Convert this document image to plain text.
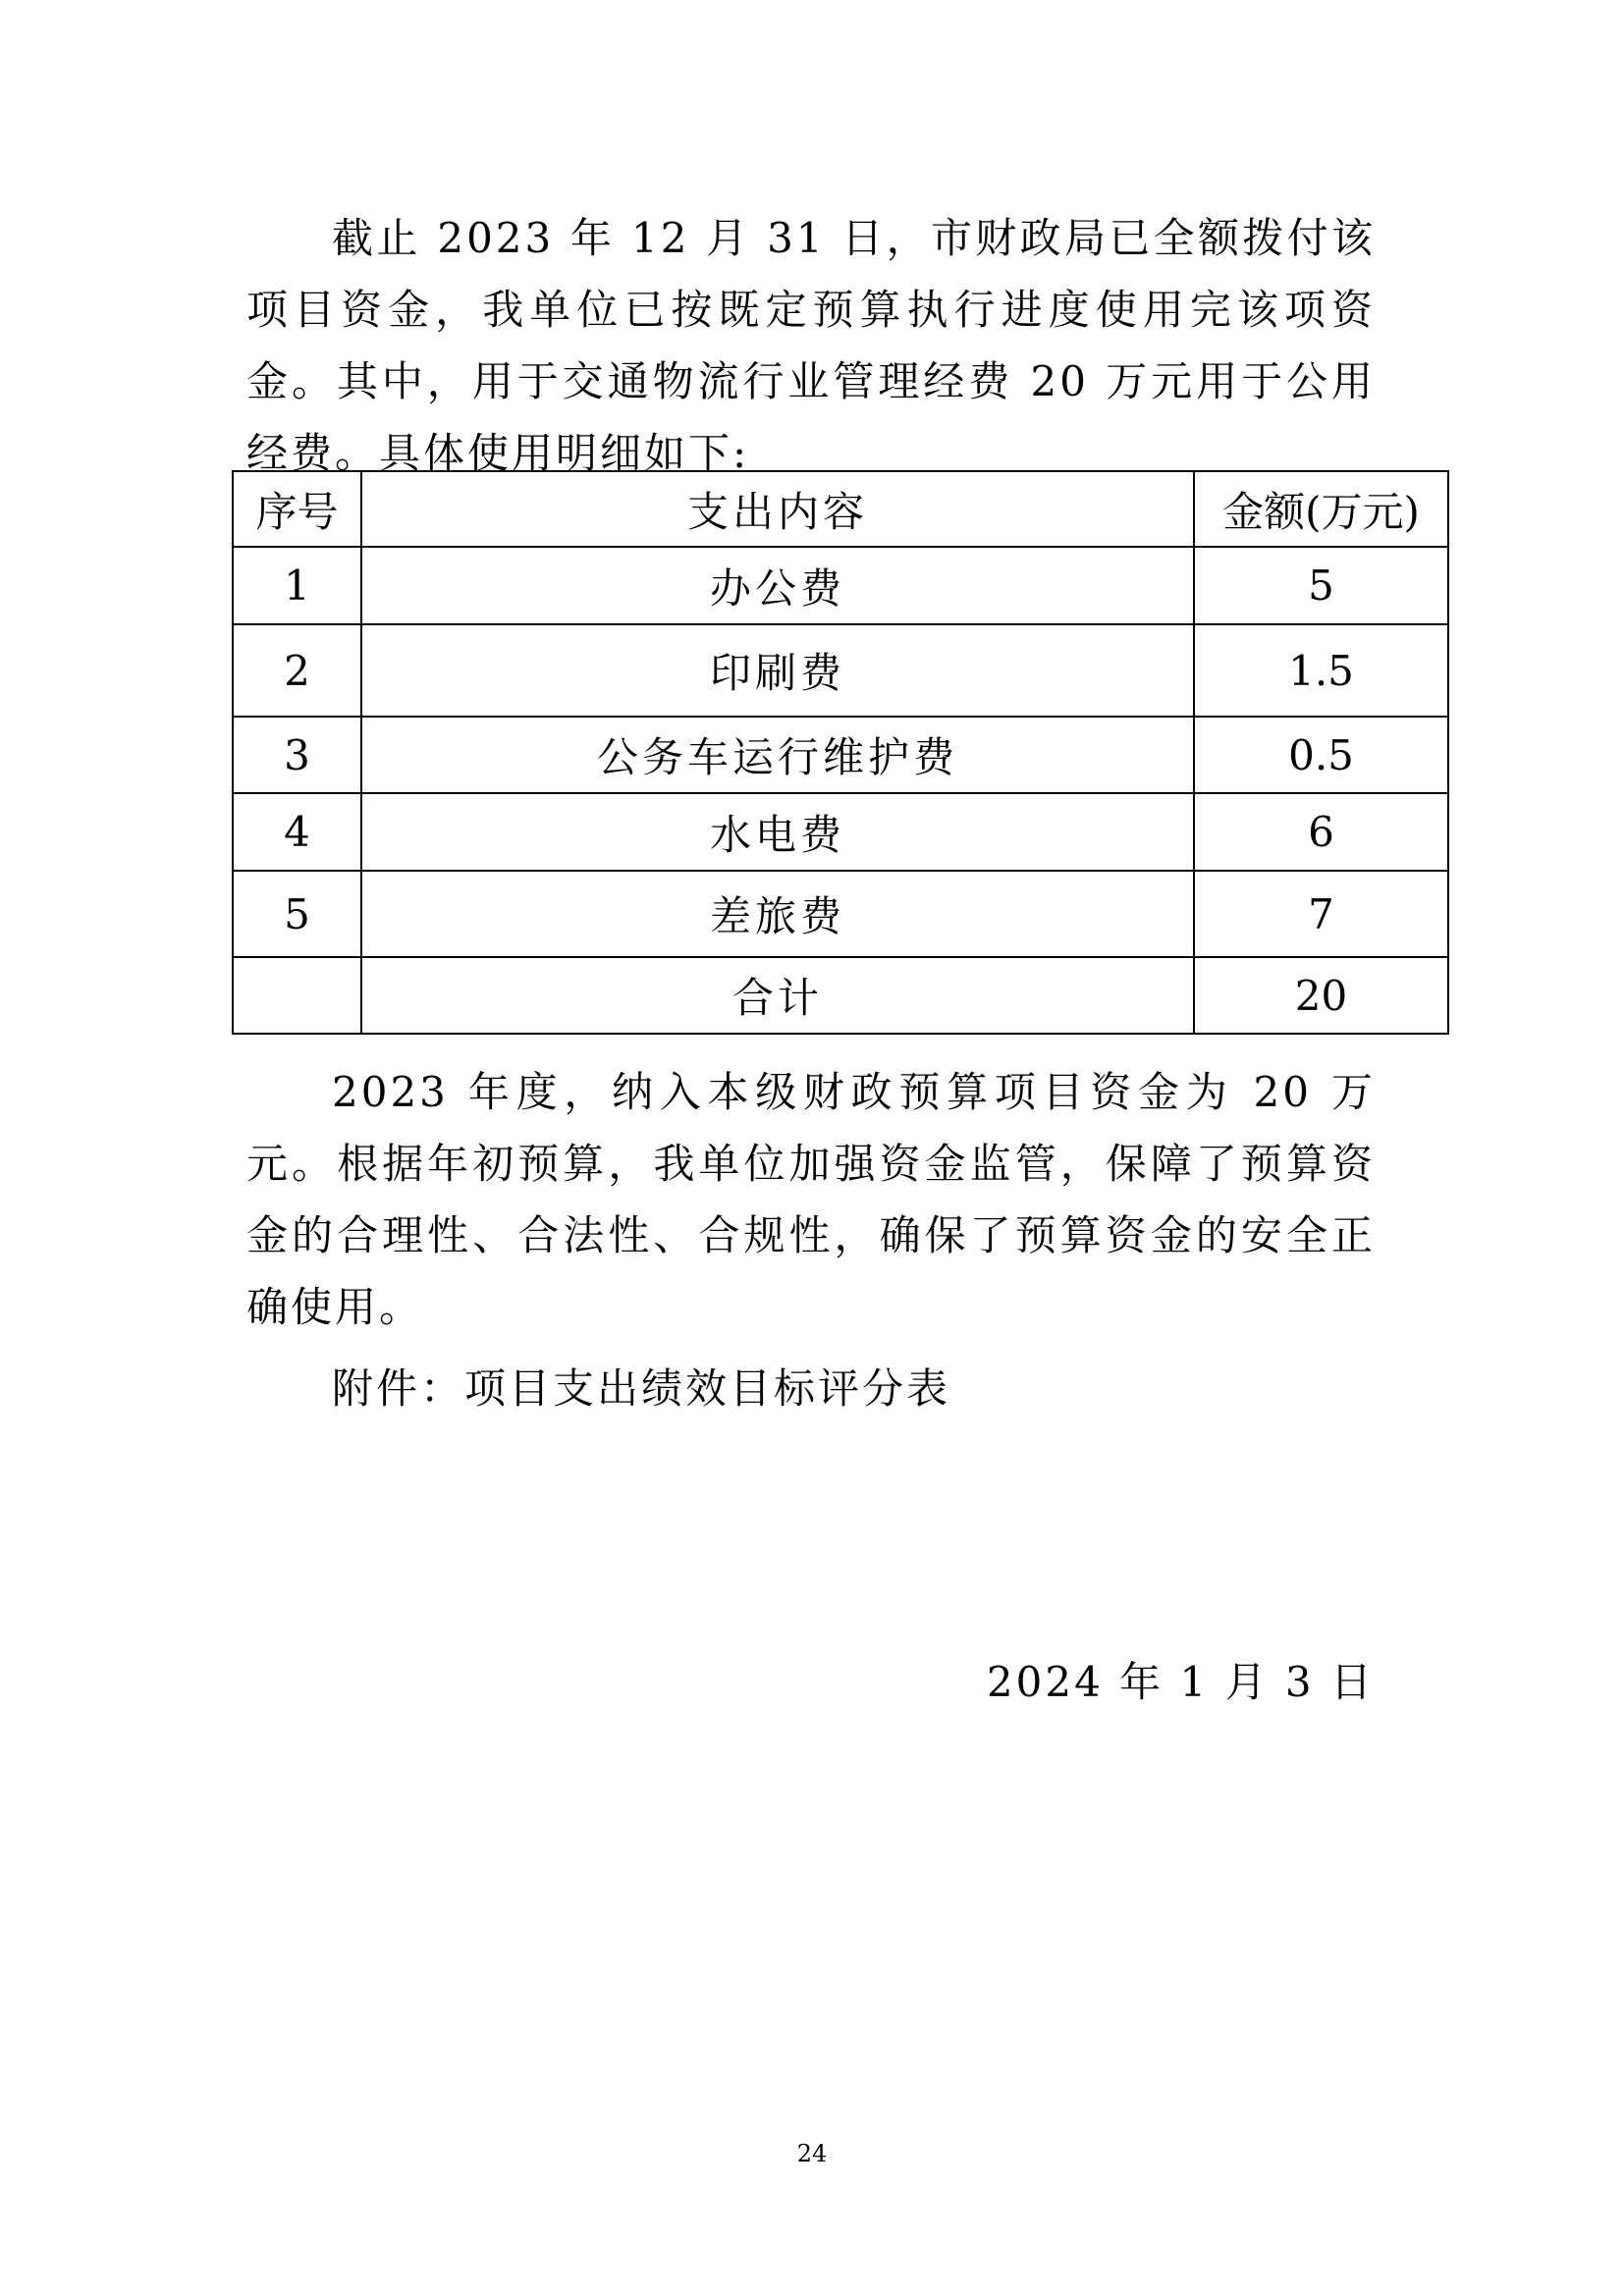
截止 2023 年 12 月 31 日，市财政局已全额拨付该项目资金，我单位已按既定预算执行进度使用完该项资金。其中，用于交通物流行业管理经费 20 万元用于公用经费。具体使用明细如下:

序号	支出内容	金额(万元)
1	办公费	5
2	印刷费	1.5
3	公务车运行维护费	0.5
4	水电费	6
5	差旅费	7
	合计	20

2023 年度，纳入本级财政预算项目资金为 20 万元。根据年初预算，我单位加强资金监管，保障了预算资金的合理性、合法性、合规性，确保了预算资金的安全正确使用。

附件：项目支出绩效目标评分表

2024 年 1 月 3 日

24
